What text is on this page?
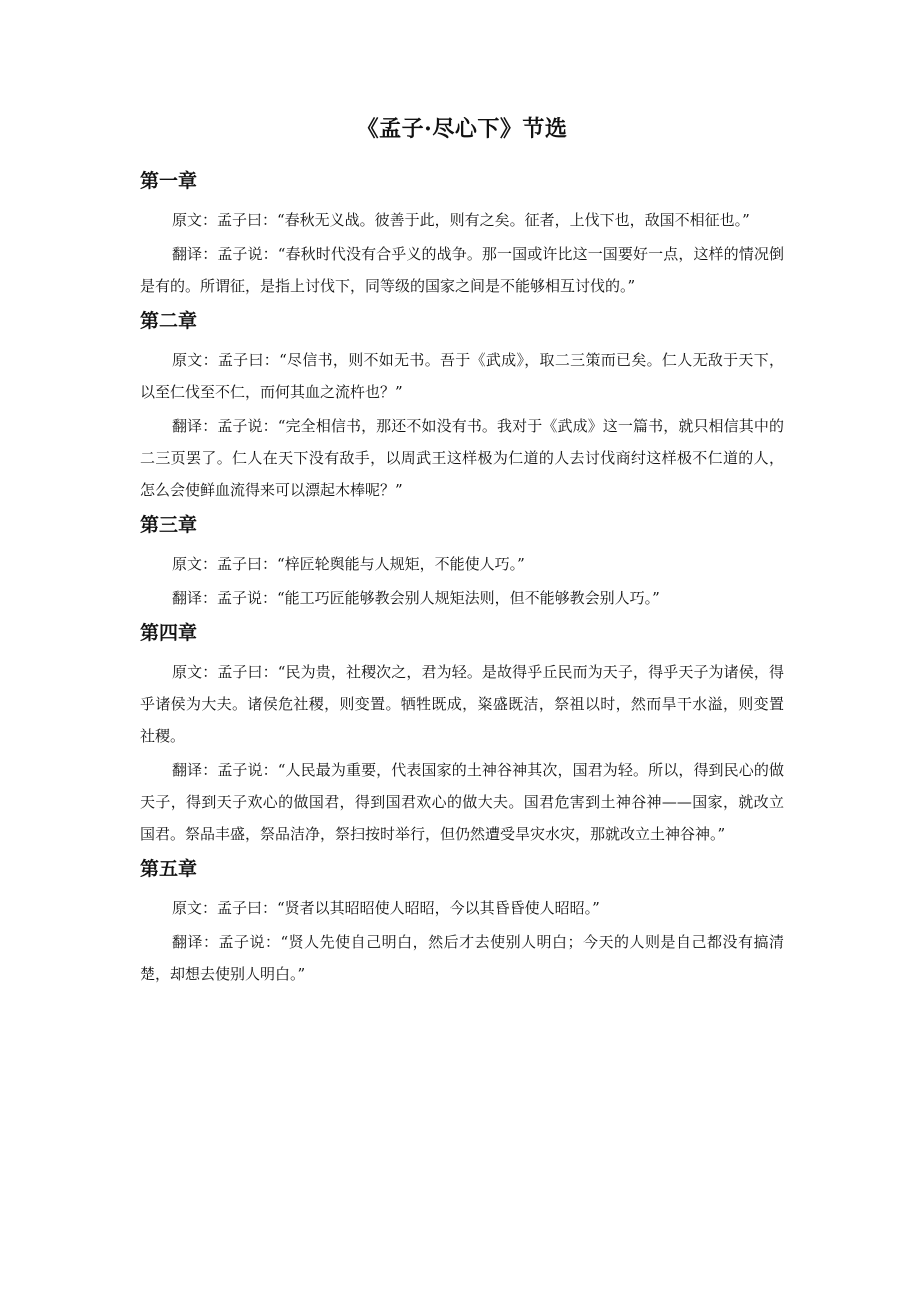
《孟子·尽心下》节选
第一章

原文：孟子曰：“春秋无义战。彼善于此，则有之矣。征者，上伐下也，敌国不相征也。”

翻译：孟子说：“春秋时代没有合乎义的战争。那一国或许比这一国要好一点，这样的情况倒是有的。所谓征，是指上讨伐下，同等级的国家之间是不能够相互讨伐的。”

第二章

原文：孟子曰：“尽信书，则不如无书。吾于《武成》，取二三策而已矣。仁人无敌于天下，以至仁伐至不仁，而何其血之流杵也？”

翻译：孟子说：“完全相信书，那还不如没有书。我对于《武成》这一篇书，就只相信其中的二三页罢了。仁人在天下没有敌手，以周武王这样极为仁道的人去讨伐商纣这样极不仁道的人，怎么会使鲜血流得来可以漂起木棒呢？”

第三章

原文：孟子曰：“梓匠轮舆能与人规矩，不能使人巧。”

翻译：孟子说：“能工巧匠能够教会别人规矩法则，但不能够教会别人巧。”

第四章

原文：孟子曰：“民为贵，社稷次之，君为轻。是故得乎丘民而为天子，得乎天子为诸侯，得乎诸侯为大夫。诸侯危社稷，则变置。牺牲既成，粢盛既洁，祭祖以时，然而旱干水溢，则变置社稷。

翻译：孟子说：“人民最为重要，代表国家的土神谷神其次，国君为轻。所以，得到民心的做天子，得到天子欢心的做国君，得到国君欢心的做大夫。国君危害到土神谷神——国家，就改立国君。祭品丰盛，祭品洁净，祭扫按时举行，但仍然遭受旱灾水灾，那就改立土神谷神。”

第五章

原文：孟子曰：“贤者以其昭昭使人昭昭，今以其昏昏使人昭昭。”

翻译：孟子说：“贤人先使自己明白，然后才去使别人明白；今天的人则是自己都没有搞清楚，却想去使别人明白。”
